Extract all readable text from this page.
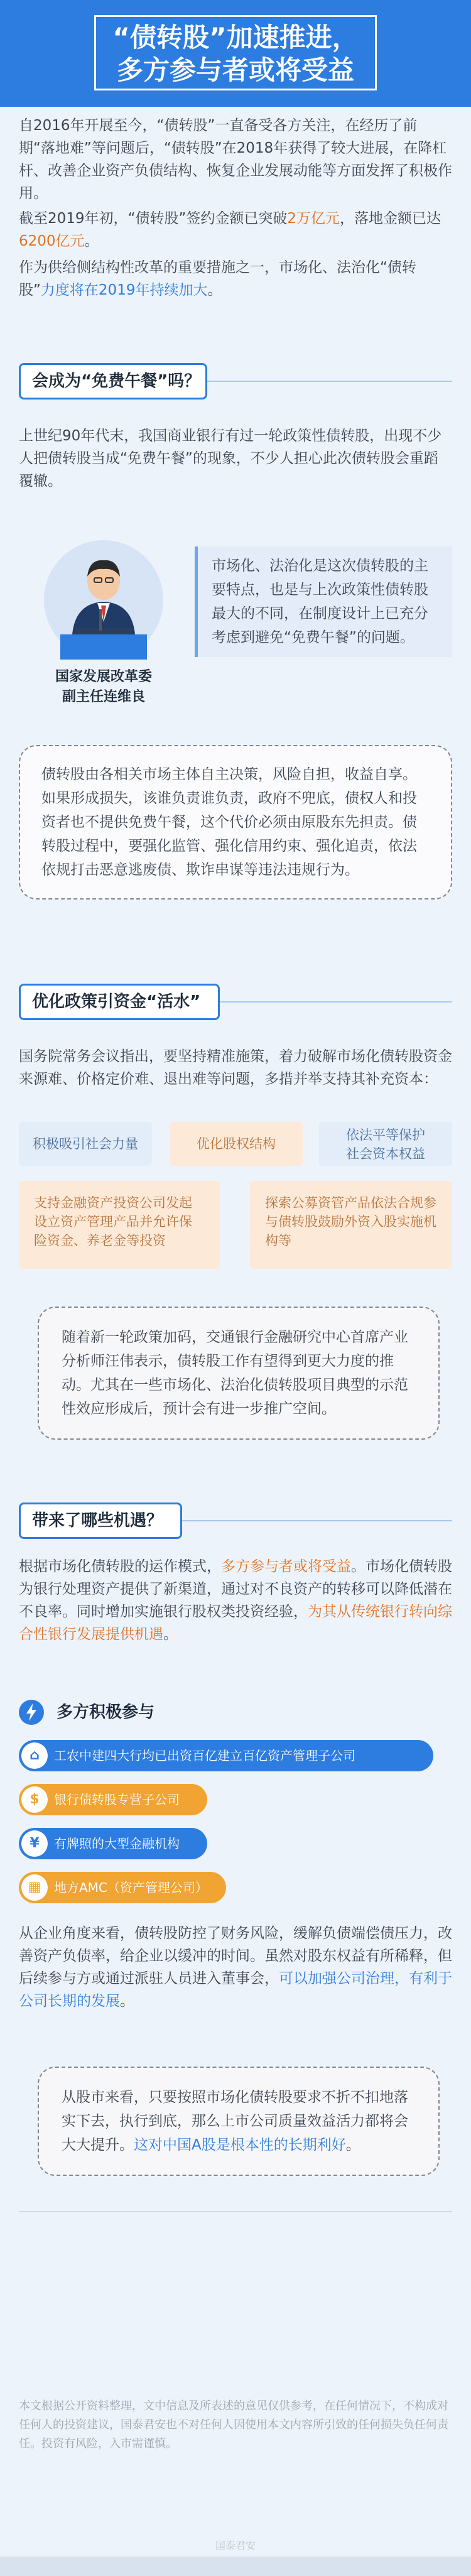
“债转股”加速推进，
多方参与者或将受益

自2016年开展至今，“债转股”一直备受各方关注，在经历了前期“落地难”等问题后，“债转股”在2018年获得了较大进展，在降杠杆、改善企业资产负债结构、恢复企业发展动能等方面发挥了积极作用。

截至2019年初，“债转股”签约金额已突破2万亿元，落地金额已达6200亿元。

作为供给侧结构性改革的重要措施之一，市场化、法治化“债转股”力度将在2019年持续加大。

会成为“免费午餐”吗？

上世纪90年代末，我国商业银行有过一轮政策性债转股，出现不少人把债转股当成“免费午餐”的现象，不少人担心此次债转股会重蹈覆辙。

国家发展改革委
副主任连维良
市场化、法治化是这次债转股的主要特点，也是与上次政策性债转股最大的不同，在制度设计上已充分考虑到避免“免费午餐”的问题。
债转股由各相关市场主体自主决策，风险自担，收益自享。如果形成损失，该谁负责谁负责，政府不兜底，债权人和投资者也不提供免费午餐，这个代价必须由原股东先担责。债转股过程中，要强化监管、强化信用约束、强化追责，依法依规打击恶意逃废债、欺诈串谋等违法违规行为。
优化政策引资金“活水”

国务院常务会议指出，要坚持精准施策，着力破解市场化债转股资金来源难、价格定价难、退出难等问题，多措并举支持其补充资本：

积极吸引社会力量	优化股权结构
依法平等保护
社会资本权益
支持金融资产投资公司发起设立资产管理产品并允许保险资金、养老金等投资
探索公募资管产品依法合规参与债转股鼓励外资入股实施机构等
随着新一轮政策加码，交通银行金融研究中心首席产业分析师汪伟表示，债转股工作有望得到更大力度的推动。尤其在一些市场化、法治化债转股项目典型的示范性效应形成后，预计会有进一步推广空间。
带来了哪些机遇？

根据市场化债转股的运作模式，多方参与者或将受益。市场化债转股为银行处理资产提供了新渠道，通过对不良资产的转移可以降低潜在不良率。同时增加实施银行股权类投资经验，为其从传统银行转向综合性银行发展提供机遇。

多方积极参与
⌂	工农中建四大行均已出资百亿建立百亿资产管理子公司
$	银行债转股专营子公司
¥	有牌照的大型金融机构
▦	地方AMC（资产管理公司）

从企业角度来看，债转股防控了财务风险，缓解负债端偿债压力，改善资产负债率，给企业以缓冲的时间。虽然对股东权益有所稀释，但后续参与方或通过派驻人员进入董事会，可以加强公司治理，有利于公司长期的发展。

从股市来看，只要按照市场化债转股要求不折不扣地落实下去，执行到底，那么上市公司质量效益活力都将会大大提升。这对中国A股是根本性的长期利好。
本文根据公开资料整理，文中信息及所表述的意见仅供参考，在任何情况下，不构成对任何人的投资建议，国泰君安也不对任何人因使用本文内容所引致的任何损失负任何责任。投资有风险，入市需谨慎。
国泰君安
